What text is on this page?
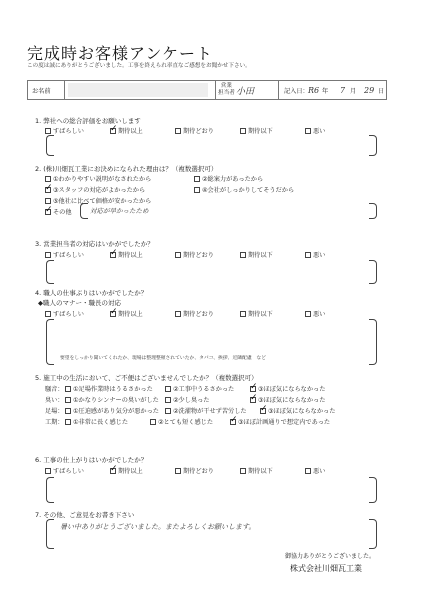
完成時お客様アンケート
この度は誠にありがとうございました。工事を終えられ率直なご感想をお聞かせ下さい。
お名前
営業
担当者 小田	記入日： R6 年 7 月 29 日
1. 弊社への総合評価をお願いします
すばらしい ✓	期待以上	期待どおり	期待以下	悪い
2. (株)川畑瓦工業にお決めになられた理由は？（複数選択可）
①わかりやすい説明がなされたから	②総案力があったから
✓③スタッフの対応がよかったから	④会社がしっかりしてそうだから
⑤他社に比べて価格が安かったから
✓その他	対応が早かったため
3. 営業担当者の対応はいかがでしたか？
すばらしい ✓	期待以上	期待どおり	期待以下	悪い
4. 職人の仕事ぶりはいかがでしたか？
◆職人のマナー・職長の対応
すばらしい ✓	期待以上	期待どおり	期待以下	悪い
要望をしっかり聞いてくれたか、現場は整理整頓されていたか、タバコ、挨拶、近隣配慮　など
5. 施工中の生活において、ご不便はございませんでしたか？（複数選択可）
騒音：	①足場作業時はうるさかった	②工事中うるさかった ✓	③ほぼ気にならなかった
臭い：	①かなりシンナーの臭いがした	②少し臭った ✓	③ほぼ気にならなかった
足場：	①圧迫感があり気分が悪かった	②洗濯物が干せず苦労した ✓	③ほぼ気にならなかった
工期：	①非常に長く感じた	②とても短く感じた ✓	③ほぼ計画通りで想定内であった
6. 工事の仕上がりはいかがでしたか？
すばらしい ✓	期待以上	期待どおり	期待以下	悪い
7. その他、ご意見をお書き下さい
暑い中ありがとうございました。またよろしくお願いします。
御協力ありがとうございました。
株式会社川畑瓦工業
